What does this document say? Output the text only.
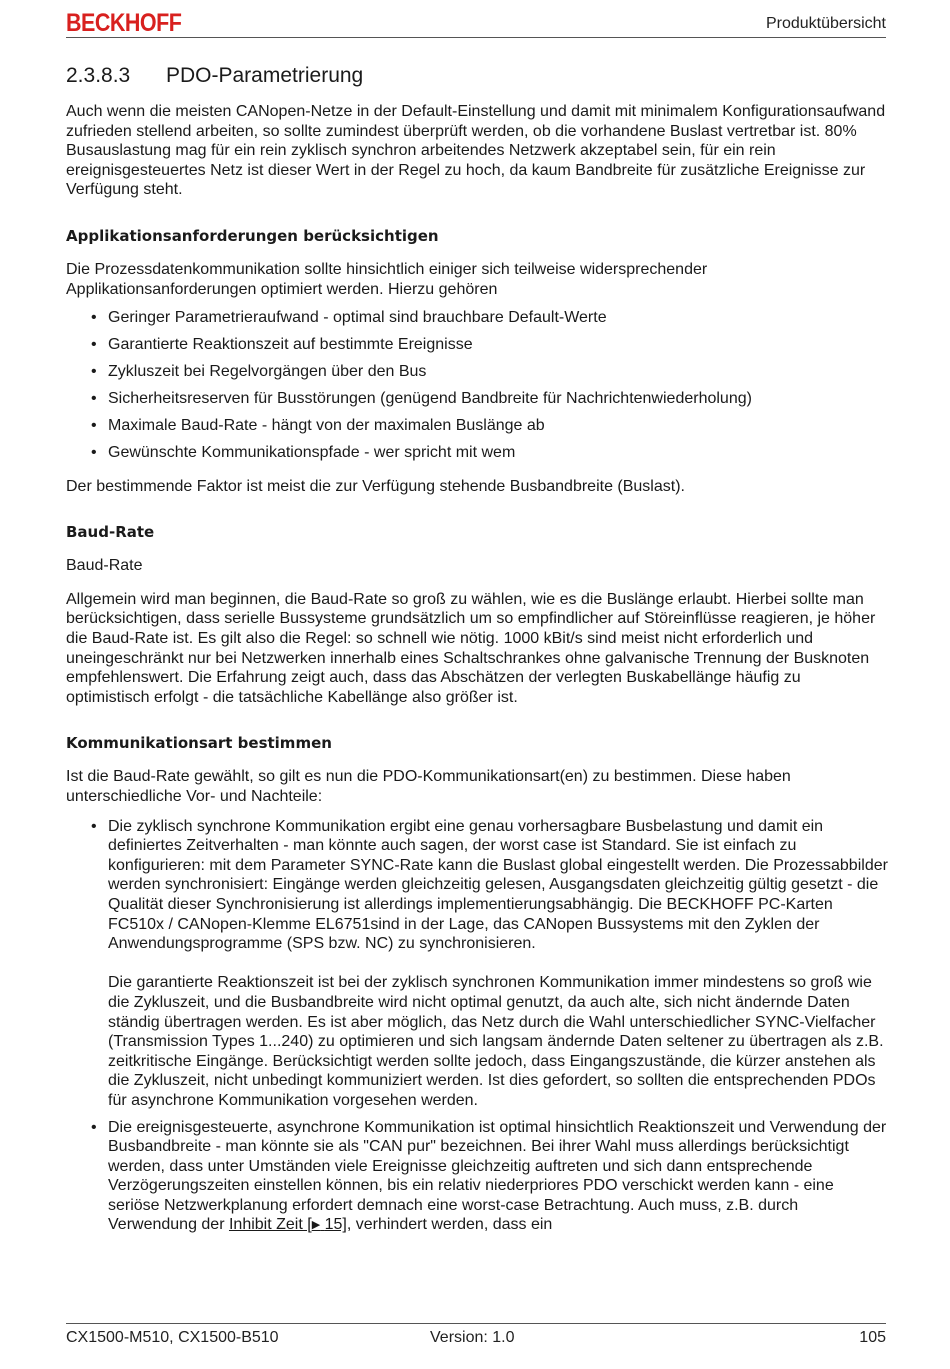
BECKHOFF	Produktübersicht
2.3.8.3	PDO-Parametrierung

Auch wenn die meisten CANopen-Netze in der Default-Einstellung und damit mit minimalem Konfigurationsaufwand zufrieden stellend arbeiten, so sollte zumindest überprüft werden, ob die vorhandene Buslast vertretbar ist. 80% Busauslastung mag für ein rein zyklisch synchron arbeitendes Netzwerk akzeptabel sein, für ein rein ereignisgesteuertes Netz ist dieser Wert in der Regel zu hoch, da kaum Bandbreite für zusätzliche Ereignisse zur Verfügung steht.

Applikationsanforderungen berücksichtigen

Die Prozessdatenkommunikation sollte hinsichtlich einiger sich teilweise widersprechender Applikationsanforderungen optimiert werden. Hierzu gehören

• Geringer Parametrieraufwand - optimal sind brauchbare Default-Werte
• Garantierte Reaktionszeit auf bestimmte Ereignisse
• Zykluszeit bei Regelvorgängen über den Bus
• Sicherheitsreserven für Busstörungen (genügend Bandbreite für Nachrichtenwiederholung)
• Maximale Baud-Rate - hängt von der maximalen Buslänge ab
• Gewünschte Kommunikationspfade - wer spricht mit wem

Der bestimmende Faktor ist meist die zur Verfügung stehende Busbandbreite (Buslast).

Baud-Rate

Baud-Rate

Allgemein wird man beginnen, die Baud-Rate so groß zu wählen, wie es die Buslänge erlaubt. Hierbei sollte man berücksichtigen, dass serielle Bussysteme grundsätzlich um so empfindlicher auf Störeinflüsse reagieren, je höher die Baud-Rate ist. Es gilt also die Regel: so schnell wie nötig. 1000 kBit/s sind meist nicht erforderlich und uneingeschränkt nur bei Netzwerken innerhalb eines Schaltschrankes ohne galvanische Trennung der Busknoten empfehlenswert. Die Erfahrung zeigt auch, dass das Abschätzen der verlegten Buskabellänge häufig zu optimistisch erfolgt - die tatsächliche Kabellänge also größer ist.

Kommunikationsart bestimmen

Ist die Baud-Rate gewählt, so gilt es nun die PDO-Kommunikationsart(en) zu bestimmen. Diese haben unterschiedliche Vor- und Nachteile:

• Die zyklisch synchrone Kommunikation ergibt eine genau vorhersagbare Busbelastung und damit ein definiertes Zeitverhalten - man könnte auch sagen, der worst case ist Standard. Sie ist einfach zu konfigurieren: mit dem Parameter SYNC-Rate kann die Buslast global eingestellt werden. Die Prozessabbilder werden synchronisiert: Eingänge werden gleichzeitig gelesen, Ausgangsdaten gleichzeitig gültig gesetzt - die Qualität dieser Synchronisierung ist allerdings implementierungsabhängig. Die BECKHOFF PC-Karten FC510x / CANopen-Klemme EL6751sind in der Lage, das CANopen Bussystems mit den Zyklen der Anwendungsprogramme (SPS bzw. NC) zu synchronisieren.

Die garantierte Reaktionszeit ist bei der zyklisch synchronen Kommunikation immer mindestens so groß wie die Zykluszeit, und die Busbandbreite wird nicht optimal genutzt, da auch alte, sich nicht ändernde Daten ständig übertragen werden. Es ist aber möglich, das Netz durch die Wahl unterschiedlicher SYNC-Vielfacher (Transmission Types 1...240) zu optimieren und sich langsam ändernde Daten seltener zu übertragen als z.B. zeitkritische Eingänge. Berücksichtigt werden sollte jedoch, dass Eingangszustände, die kürzer anstehen als die Zykluszeit, nicht unbedingt kommuniziert werden. Ist dies gefordert, so sollten die entsprechenden PDOs für asynchrone Kommunikation vorgesehen werden.

• Die ereignisgesteuerte, asynchrone Kommunikation ist optimal hinsichtlich Reaktionszeit und Verwendung der Busbandbreite - man könnte sie als "CAN pur" bezeichnen. Bei ihrer Wahl muss allerdings berücksichtigt werden, dass unter Umständen viele Ereignisse gleichzeitig auftreten und sich dann entsprechende Verzögerungszeiten einstellen können, bis ein relativ niederpriores PDO verschickt werden kann - eine seriöse Netzwerkplanung erfordert demnach eine worst-case Betrachtung. Auch muss, z.B. durch Verwendung der Inhibit Zeit [▶ 15], verhindert werden, dass ein

CX1500-M510, CX1500-B510	Version: 1.0	105
